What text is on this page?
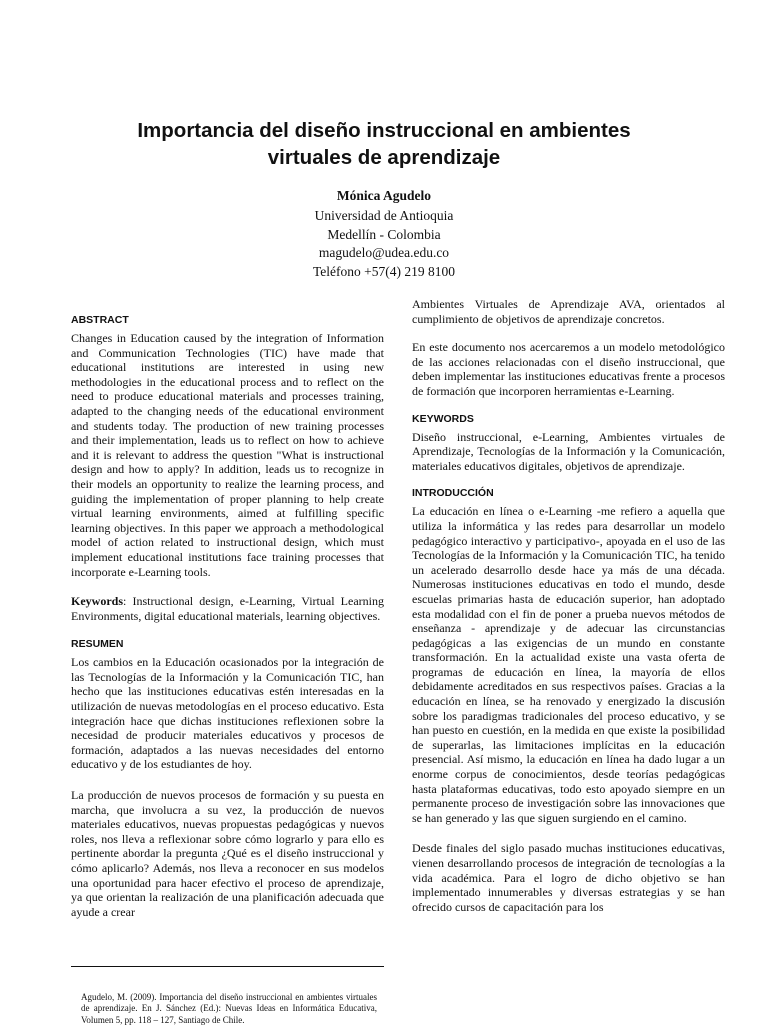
Importancia del diseño instruccional en ambientes virtuales de aprendizaje
Mónica Agudelo
Universidad de Antioquia
Medellín - Colombia
magudelo@udea.edu.co
Teléfono +57(4) 219 8100
ABSTRACT

Changes in Education caused by the integration of Information and Communication Technologies (TIC) have made that educational institutions are interested in using new methodologies in the educational process and to reflect on the need to produce educational materials and processes training, adapted to the changing needs of the educational environment and students today. The production of new training processes and their implementation, leads us to reflect on how to achieve and it is relevant to address the question "What is instructional design and how to apply? In addition, leads us to recognize in their models an opportunity to realize the learning process, and guiding the implementation of proper planning to help create virtual learning environments, aimed at fulfilling specific learning objectives. In this paper we approach a methodological model of action related to instructional design, which must implement educational institutions face training processes that incorporate e-Learning tools.

Keywords: Instructional design, e-Learning, Virtual Learning Environments, digital educational materials, learning objectives.

RESUMEN

Los cambios en la Educación ocasionados por la integración de las Tecnologías de la Información y la Comunicación TIC, han hecho que las instituciones educativas estén interesadas en la utilización de nuevas metodologías en el proceso educativo. Esta integración hace que dichas instituciones reflexionen sobre la necesidad de producir materiales educativos y procesos de formación, adaptados a las nuevas necesidades del entorno educativo y de los estudiantes de hoy.

La producción de nuevos procesos de formación y su puesta en marcha, que involucra a su vez, la producción de nuevos materiales educativos, nuevas propuestas pedagógicas y nuevos roles, nos lleva a reflexionar sobre cómo lograrlo y para ello es pertinente abordar la pregunta ¿Qué es el diseño instruccional y cómo aplicarlo? Además, nos lleva a reconocer en sus modelos una oportunidad para hacer efectivo el proceso de aprendizaje, ya que orientan la realización de una planificación adecuada que ayude a crear

Ambientes Virtuales de Aprendizaje AVA, orientados al cumplimiento de objetivos de aprendizaje concretos.

En este documento nos acercaremos a un modelo metodológico de las acciones relacionadas con el diseño instruccional, que deben implementar las instituciones educativas frente a procesos de formación que incorporen herramientas e-Learning.

KEYWORDS

Diseño instruccional, e-Learning, Ambientes virtuales de Aprendizaje, Tecnologías de la Información y la Comunicación, materiales educativos digitales, objetivos de aprendizaje.

INTRODUCCIÓN

La educación en línea o e-Learning -me refiero a aquella que utiliza la informática y las redes para desarrollar un modelo pedagógico interactivo y participativo-, apoyada en el uso de las Tecnologías de la Información y la Comunicación TIC, ha tenido un acelerado desarrollo desde hace ya más de una década. Numerosas instituciones educativas en todo el mundo, desde escuelas primarias hasta de educación superior, han adoptado esta modalidad con el fin de poner a prueba nuevos métodos de enseñanza - aprendizaje y de adecuar las circunstancias pedagógicas a las exigencias de un mundo en constante transformación. En la actualidad existe una vasta oferta de programas de educación en línea, la mayoría de ellos debidamente acreditados en sus respectivos países. Gracias a la educación en línea, se ha renovado y energizado la discusión sobre los paradigmas tradicionales del proceso educativo, y se han puesto en cuestión, en la medida en que existe la posibilidad de superarlas, las limitaciones implícitas en la educación presencial. Así mismo, la educación en línea ha dado lugar a un enorme corpus de conocimientos, desde teorías pedagógicas hasta plataformas educativas, todo esto apoyado siempre en un permanente proceso de investigación sobre las innovaciones que se han generado y las que siguen surgiendo en el camino.

Desde finales del siglo pasado muchas instituciones educativas, vienen desarrollando procesos de integración de tecnologías a la vida académica. Para el logro de dicho objetivo se han implementado innumerables y diversas estrategias y se han ofrecido cursos de capacitación para los

Agudelo, M. (2009). Importancia del diseño instruccional en ambientes virtuales de aprendizaje. En J. Sánchez (Ed.): Nuevas Ideas en Informática Educativa, Volumen 5, pp. 118 – 127, Santiago de Chile.
